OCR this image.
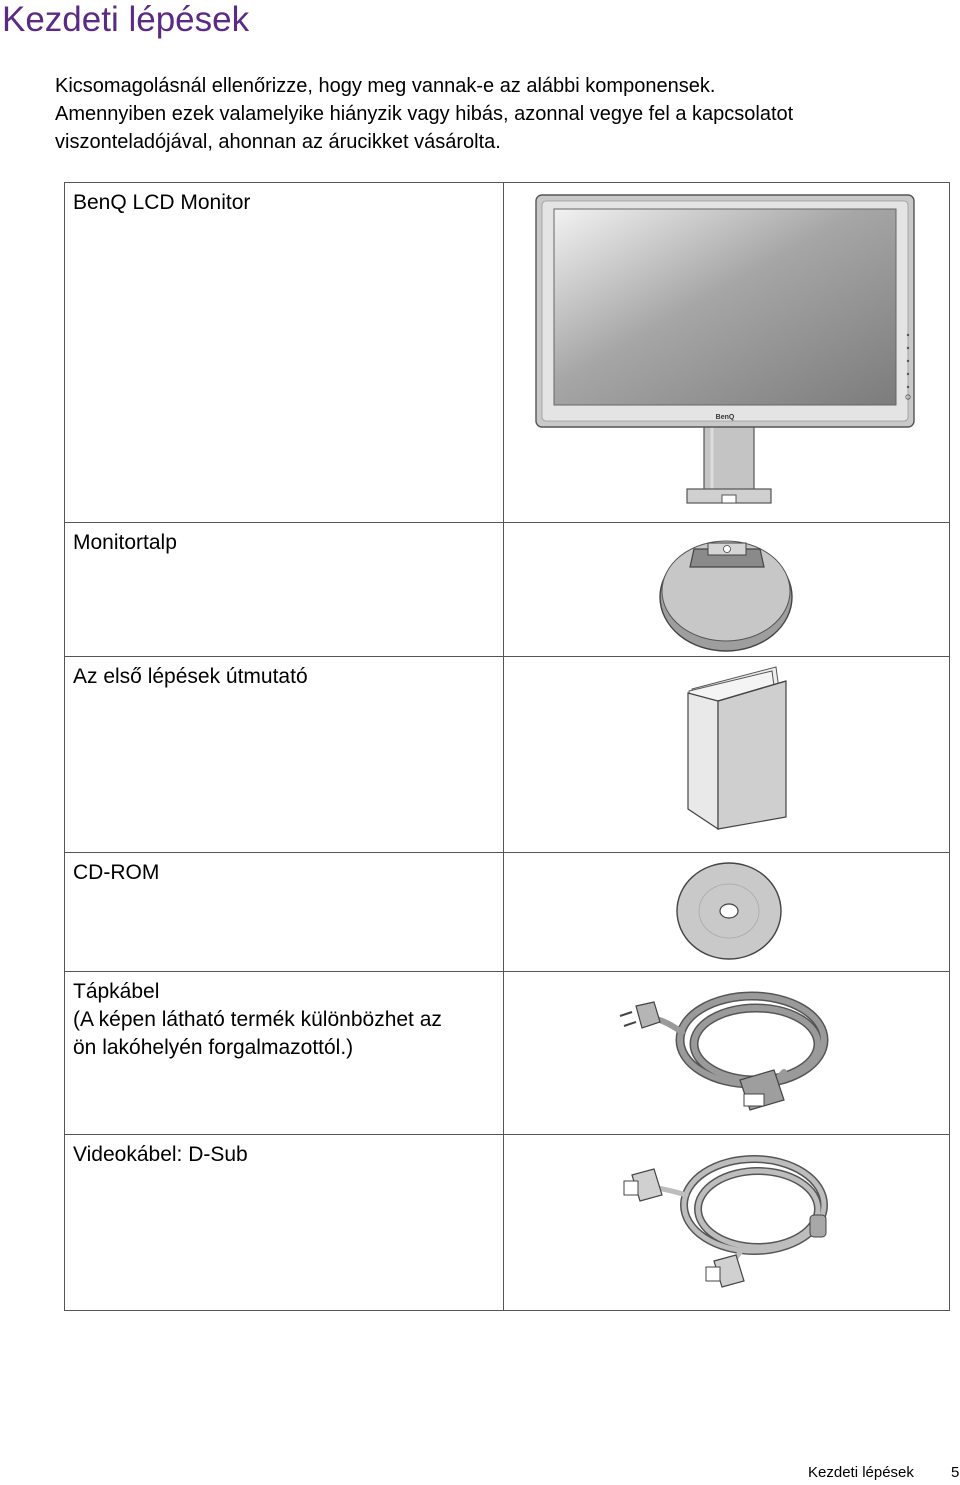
Kezdeti lépések
Kicsomagolásnál ellenőrizze, hogy meg vannak-e az alábbi komponensek.
Amennyiben ezek valamelyike hiányzik vagy hibás, azonnal vegye fel a kapcsolatot
viszonteladójával, ahonnan az árucikket vásárolta.
BenQ LCD Monitor	BenQ

Monitortalp	

Az első lépések útmutató	

CD-ROM	

Tápkábel
(A képen látható termék különbözhet az
ön lakóhelyén forgalmazottól.)

Videokábel: D-Sub	
Kezdeti lépések 5
